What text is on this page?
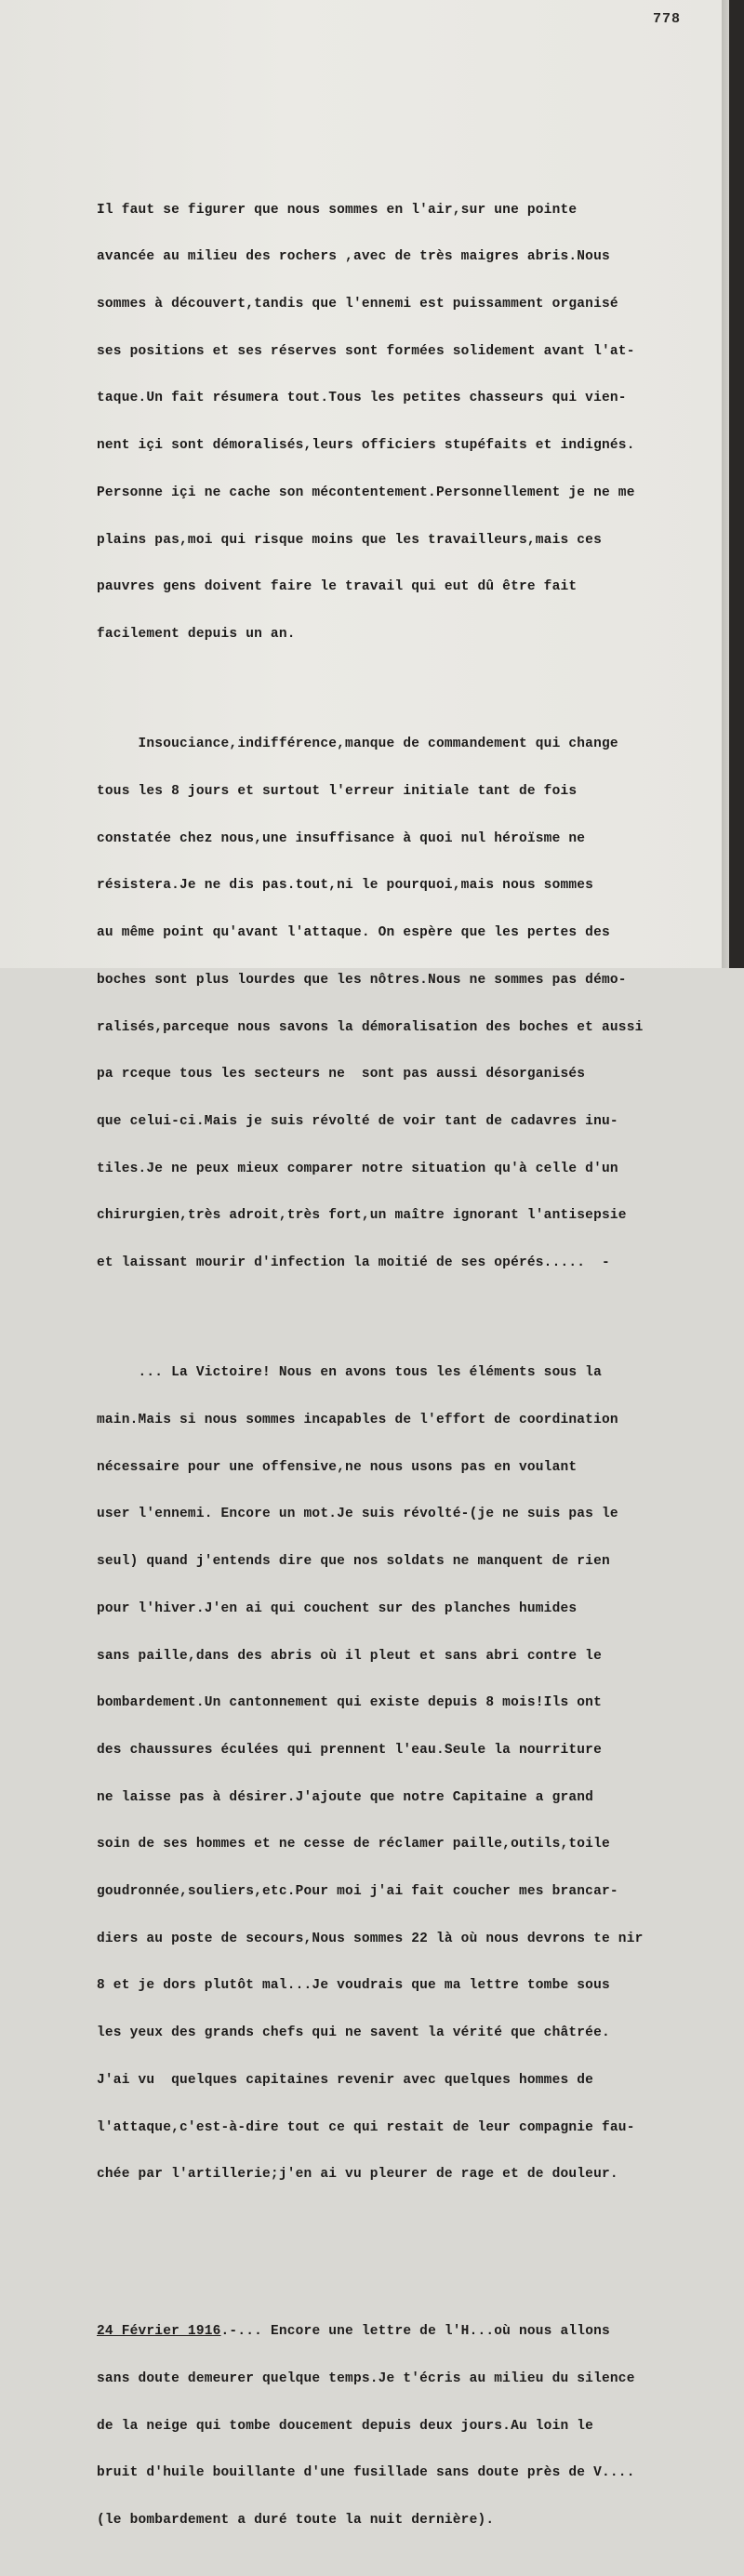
778

Il faut se figurer que nous sommes en l'air,sur une pointe

avancée au milieu des rochers ,avec de très maigres abris.Nous

sommes à découvert,tandis que l'ennemi est puissamment organisé

ses positions et ses réserves sont formées solidement avant l'at-

taque.Un fait résumera tout.Tous les petites chasseurs qui vien-

nent içi sont démoralisés,leurs officiers stupéfaits et indignés.

Personne içi ne cache son mécontentement.Personnellement je ne me

plains pas,moi qui risque moins que les travailleurs,mais ces

pauvres gens doivent faire le travail qui eut dû être fait

facilement depuis un an.

Insouciance,indifférence,manque de commandement qui change

tous les 8 jours et surtout l'erreur initiale tant de fois

constatée chez nous,une insuffisance à quoi nul héroïsme ne

résistera.Je ne dis pas.tout,ni le pourquoi,mais nous sommes

au même point qu'avant l'attaque. On espère que les pertes des

boches sont plus lourdes que les nôtres.Nous ne sommes pas démo-

ralisés,parceque nous savons la démoralisation des boches et aussi

pa rceque tous les secteurs ne  sont pas aussi désorganisés

que celui-ci.Mais je suis révolté de voir tant de cadavres inu-

tiles.Je ne peux mieux comparer notre situation qu'à celle d'un

chirurgien,très adroit,très fort,un maître ignorant l'antisepsie

et laissant mourir d'infection la moitié de ses opérés.....  -

... La Victoire! Nous en avons tous les éléments sous la

main.Mais si nous sommes incapables de l'effort de coordination

nécessaire pour une offensive,ne nous usons pas en voulant

user l'ennemi. Encore un mot.Je suis révolté-(je ne suis pas le

seul) quand j'entends dire que nos soldats ne manquent de rien

pour l'hiver.J'en ai qui couchent sur des planches humides

sans paille,dans des abris où il pleut et sans abri contre le

bombardement.Un cantonnement qui existe depuis 8 mois!Ils ont

des chaussures éculées qui prennent l'eau.Seule la nourriture

ne laisse pas à désirer.J'ajoute que notre Capitaine a grand

soin de ses hommes et ne cesse de réclamer paille,outils,toile

goudronnée,souliers,etc.Pour moi j'ai fait coucher mes brancar-

diers au poste de secours,Nous sommes 22 là où nous devrons te nir

8 et je dors plutôt mal...Je voudrais que ma lettre tombe sous

les yeux des grands chefs qui ne savent la vérité que châtrée.

J'ai vu  quelques capitaines revenir avec quelques hommes de

l'attaque,c'est-à-dire tout ce qui restait de leur compagnie fau-

chée par l'artillerie;j'en ai vu pleurer de rage et de douleur.

24 Février 1916.-... Encore une lettre de l'H...où nous allons

sans doute demeurer quelque temps.Je t'écris au milieu du silence

de la neige qui tombe doucement depuis deux jours.Au loin le

bruit d'huile bouillante d'une fusillade sans doute près de V....

(le bombardement a duré toute la nuit dernière).
